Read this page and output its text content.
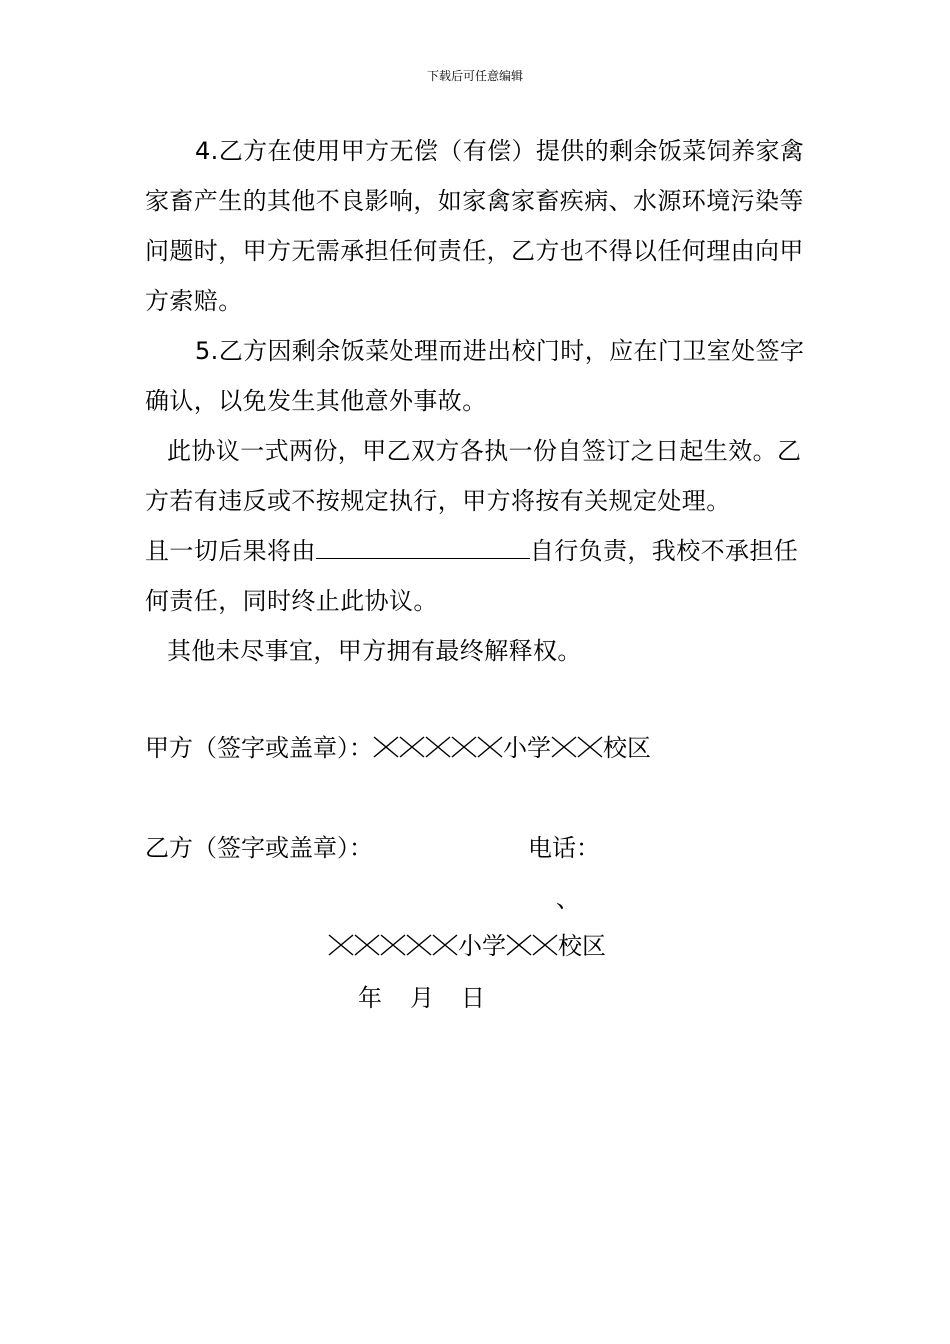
下载后可任意编辑

4.乙方在使用甲方无偿（有偿）提供的剩余饭菜饲养家禽家畜产生的其他不良影响，如家禽家畜疾病、水源环境污染等问题时，甲方无需承担任何责任，乙方也不得以任何理由向甲方索赔。

5.乙方因剩余饭菜处理而进出校门时，应在门卫室处签字确认，以免发生其他意外事故。

此协议一式两份，甲乙双方各执一份自签订之日起生效。乙方若有违反或不按规定执行，甲方将按有关规定处理。

且一切后果将由	自行负责，我校不承担任何责任，同时终止此协议。

其他未尽事宜，甲方拥有最终解释权。

甲方（签字或盖章）：	小学 校区
乙方（签字或盖章）：	电话：
、
小学 校区
年 月 日
